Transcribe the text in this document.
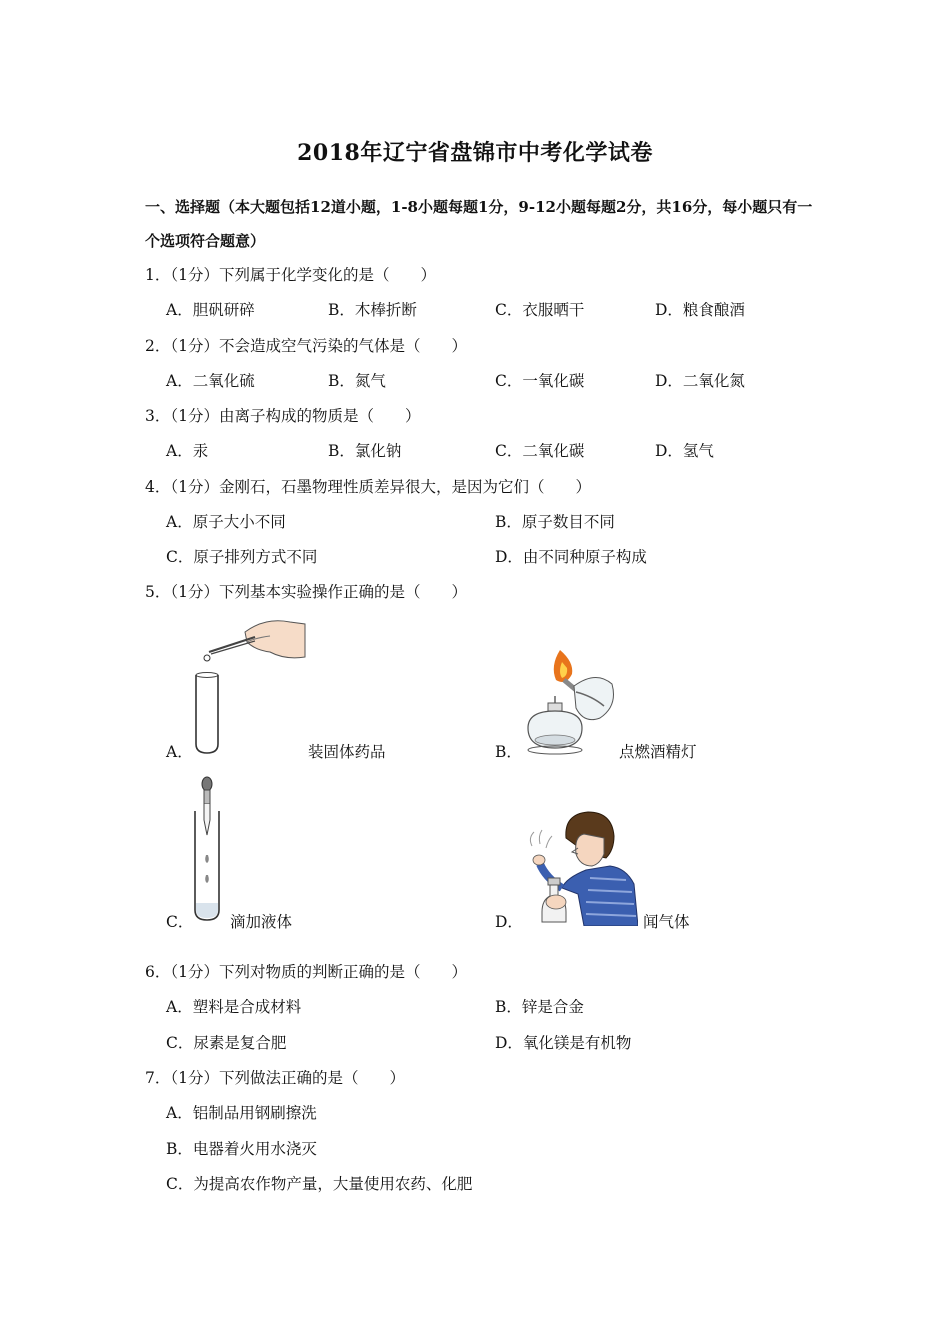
2018年辽宁省盘锦市中考化学试卷
一、选择题（本大题包括12道小题，1-8小题每题1分，9-12小题每题2分，共16分，每小题只有一个选项符合题意）
1．（1分）下列属于化学变化的是（　　）
A．胆矾研碎	B．木棒折断	C．衣服晒干	D．粮食酿酒
2．（1分）不会造成空气污染的气体是（　　）
A．二氧化硫	B．氮气	C．一氧化碳	D．二氧化氮
3．（1分）由离子构成的物质是（　　）
A．汞	B．氯化钠	C．二氧化碳	D．氢气
4．（1分）金刚石，石墨物理性质差异很大，是因为它们（　　）
A．原子大小不同	B．原子数目不同
C．原子排列方式不同	D．由不同种原子构成
5．（1分）下列基本实验操作正确的是（　　）
A．	装固体药品	B．	点燃酒精灯
C． 滴加液体	D．	闻气体
6．（1分）下列对物质的判断正确的是（　　）
A．塑料是合成材料	B．锌是合金
C．尿素是复合肥	D．氧化镁是有机物
7．（1分）下列做法正确的是（　　）
A．铝制品用钢刷擦洗
B．电器着火用水浇灭
C．为提高农作物产量，大量使用农药、化肥
